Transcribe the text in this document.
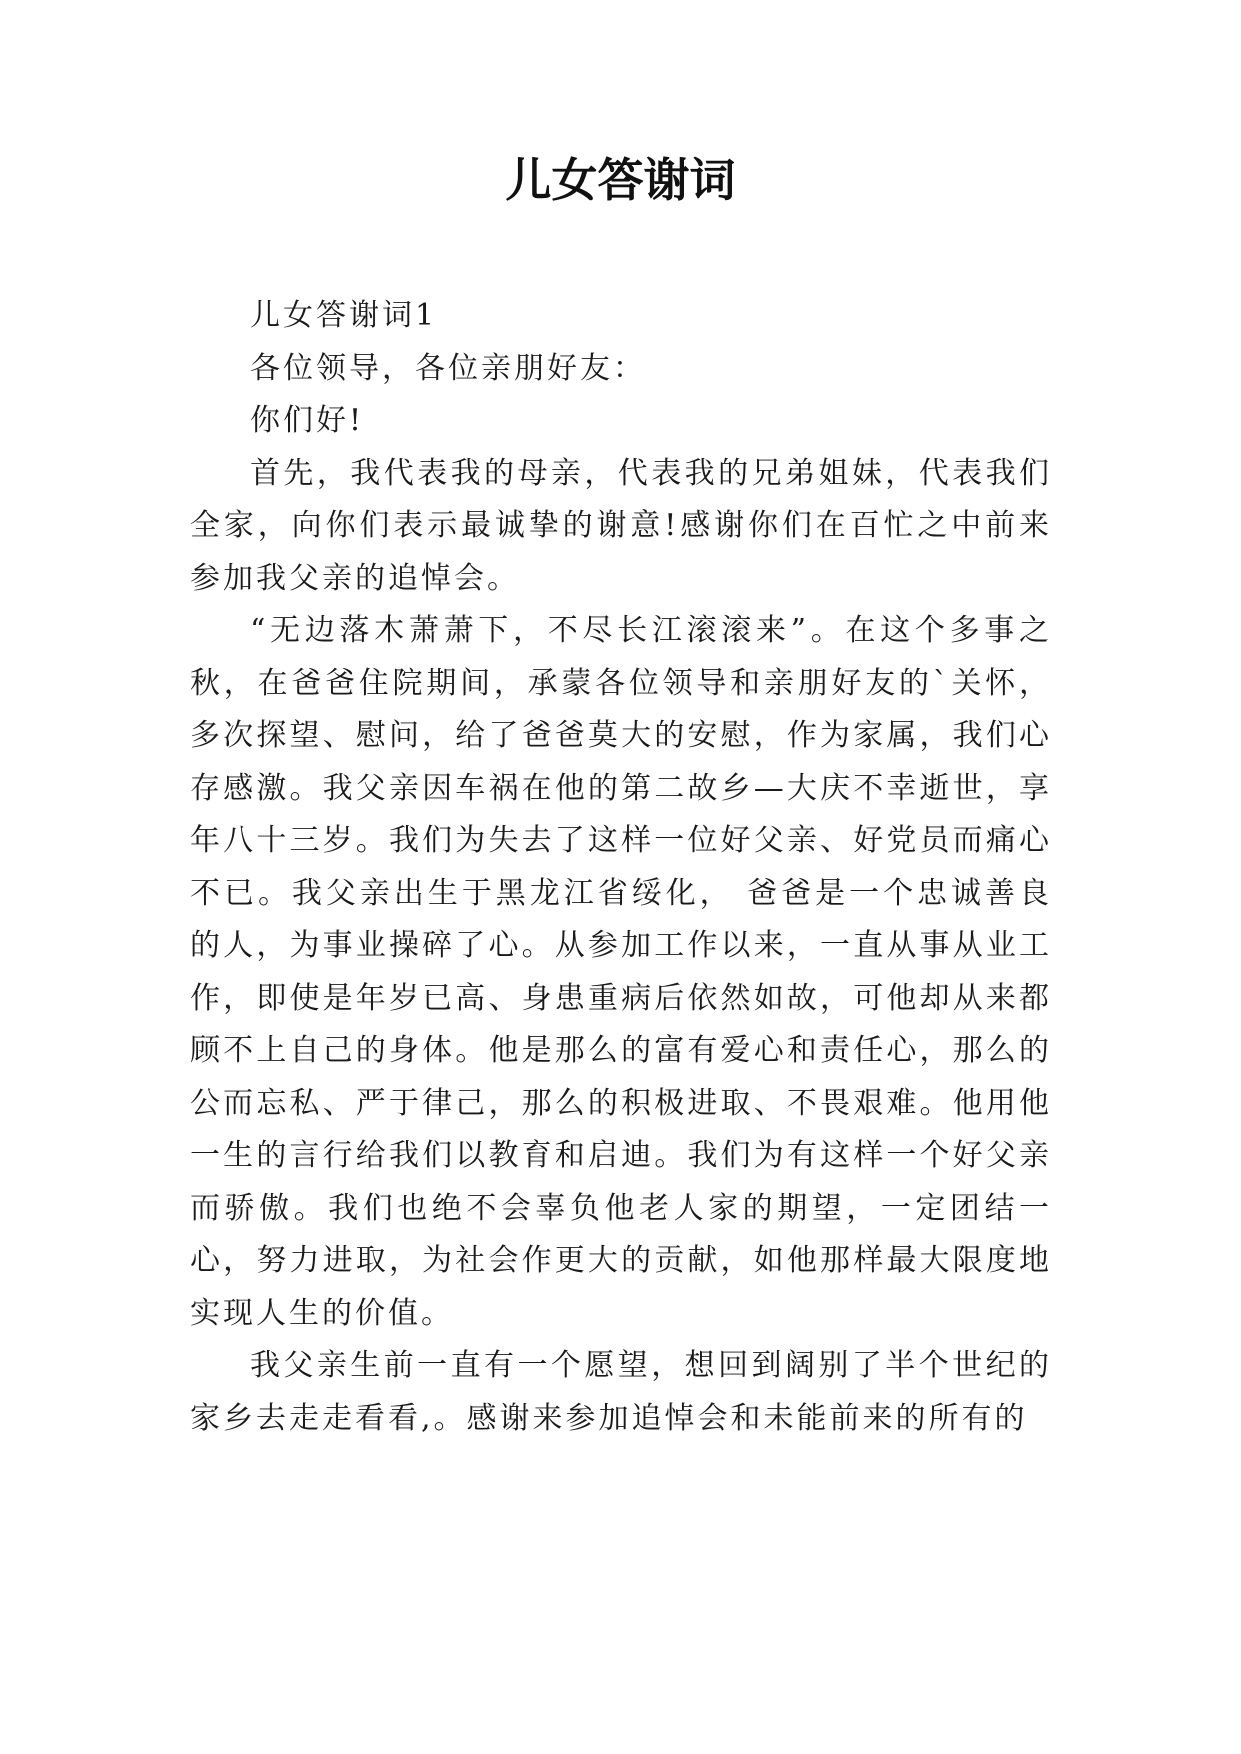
儿女答谢词

儿女答谢词1

各位领导，各位亲朋好友：

你们好!

首先，我代表我的母亲，代表我的兄弟姐妹，代表我们全家，向你们表示最诚挚的谢意!感谢你们在百忙之中前来参加我父亲的追悼会。

“无边落木萧萧下，不尽长江滚滚来”。在这个多事之秋，在爸爸住院期间，承蒙各位领导和亲朋好友的`关怀，多次探望、慰问，给了爸爸莫大的安慰，作为家属，我们心存感激。我父亲因车祸在他的第二故乡—大庆不幸逝世，享年八十三岁。我们为失去了这样一位好父亲、好党员而痛心不已。我父亲出生于黑龙江省绥化， 爸爸是一个忠诚善良的人，为事业操碎了心。从参加工作以来，一直从事从业工作，即使是年岁已高、身患重病后依然如故，可他却从来都顾不上自己的身体。他是那么的富有爱心和责任心，那么的公而忘私、严于律己，那么的积极进取、不畏艰难。他用他一生的言行给我们以教育和启迪。我们为有这样一个好父亲而骄傲。我们也绝不会辜负他老人家的期望，一定团结一心，努力进取，为社会作更大的贡献，如他那样最大限度地实现人生的价值。

我父亲生前一直有一个愿望，想回到阔别了半个世纪的家乡去走走看看,。感谢来参加追悼会和未能前来的所有的
